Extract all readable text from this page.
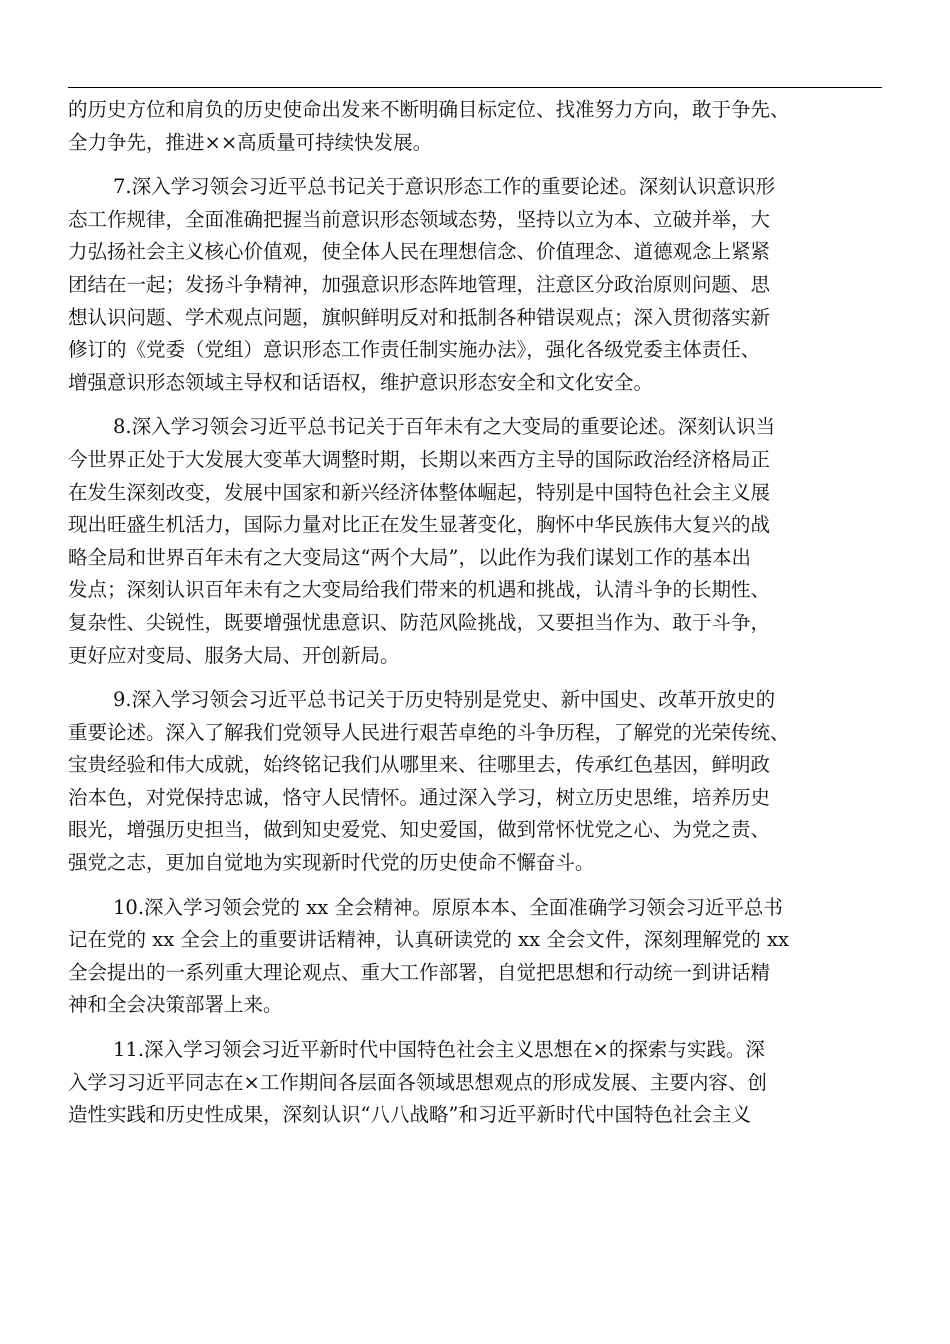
的历史方位和肩负的历史使命出发来不断明确目标定位、找准努力方向，敢于争先、
全力争先，推进××高质量可持续快发展。
7.深入学习领会习近平总书记关于意识形态工作的重要论述。深刻认识意识形
态工作规律，全面准确把握当前意识形态领域态势，坚持以立为本、立破并举，大
力弘扬社会主义核心价值观，使全体人民在理想信念、价值理念、道德观念上紧紧
团结在一起；发扬斗争精神，加强意识形态阵地管理，注意区分政治原则问题、思
想认识问题、学术观点问题，旗帜鲜明反对和抵制各种错误观点；深入贯彻落实新
修订的《党委（党组）意识形态工作责任制实施办法》，强化各级党委主体责任、
增强意识形态领域主导权和话语权，维护意识形态安全和文化安全。
8.深入学习领会习近平总书记关于百年未有之大变局的重要论述。深刻认识当
今世界正处于大发展大变革大调整时期，长期以来西方主导的国际政治经济格局正
在发生深刻改变，发展中国家和新兴经济体整体崛起，特别是中国特色社会主义展
现出旺盛生机活力，国际力量对比正在发生显著变化，胸怀中华民族伟大复兴的战
略全局和世界百年未有之大变局这“两个大局”，以此作为我们谋划工作的基本出
发点；深刻认识百年未有之大变局给我们带来的机遇和挑战，认清斗争的长期性、
复杂性、尖锐性，既要增强忧患意识、防范风险挑战，又要担当作为、敢于斗争，
更好应对变局、服务大局、开创新局。
9.深入学习领会习近平总书记关于历史特别是党史、新中国史、改革开放史的
重要论述。深入了解我们党领导人民进行艰苦卓绝的斗争历程，了解党的光荣传统、
宝贵经验和伟大成就，始终铭记我们从哪里来、往哪里去，传承红色基因，鲜明政
治本色，对党保持忠诚，恪守人民情怀。通过深入学习，树立历史思维，培养历史
眼光，增强历史担当，做到知史爱党、知史爱国，做到常怀忧党之心、为党之责、
强党之志，更加自觉地为实现新时代党的历史使命不懈奋斗。
10.深入学习领会党的 xx 全会精神。原原本本、全面准确学习领会习近平总书
记在党的 xx 全会上的重要讲话精神，认真研读党的 xx 全会文件，深刻理解党的 xx
全会提出的一系列重大理论观点、重大工作部署，自觉把思想和行动统一到讲话精
神和全会决策部署上来。
11.深入学习领会习近平新时代中国特色社会主义思想在×的探索与实践。深
入学习习近平同志在×工作期间各层面各领域思想观点的形成发展、主要内容、创
造性实践和历史性成果，深刻认识“八八战略”和习近平新时代中国特色社会主义
